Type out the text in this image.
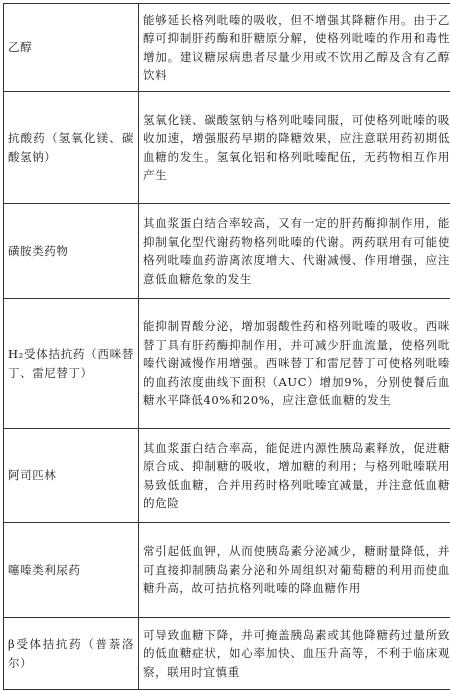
乙醇	能够延长格列吡嗪的吸收，但不增强其降糖作用。由于乙醇可抑制肝药酶和肝糖原分解，使格列吡嗪的作用和毒性增加。建议糖尿病患者尽量少用或不饮用乙醇及含有乙醇饮料
抗酸药（氢氧化镁、碳酸氢钠）	氢氧化镁、碳酸氢钠与格列吡嗪同服，可使格列吡嗪的吸收加速，增强服药早期的降糖效果，应注意联用药初期低血糖的发生。氢氧化铝和格列吡嗪配伍，无药物相互作用产生
磺胺类药物	其血浆蛋白结合率较高，又有一定的肝药酶抑制作用，能抑制氧化型代谢药物格列吡嗪的代谢。两药联用有可能使格列吡嗪血药游离浓度增大、代谢减慢、作用增强，应注意低血糖危象的发生
H₂受体拮抗药（西咪替丁、雷尼替丁）	能抑制胃酸分泌，增加弱酸性药和格列吡嗪的吸收。西咪替丁具有肝药酶抑制作用，并可减少肝血流量，使格列吡嗪代谢减慢作用增强。西咪替丁和雷尼替丁可使格列吡嗪的血药浓度曲线下面积（AUC）增加9%，分别使餐后血糖水平降低40%和20%，应注意低血糖的发生
阿司匹林	其血浆蛋白结合率高，能促进内源性胰岛素释放，促进糖原合成、抑制糖的吸收，增加糖的利用；与格列吡嗪联用易致低血糖，合并用药时格列吡嗪宜减量，并注意低血糖的危险
噻嗪类利尿药	常引起低血钾，从而使胰岛素分泌减少，糖耐量降低，并可直接抑制胰岛素分泌和外周组织对葡萄糖的利用而使血糖升高，故可拮抗格列吡嗪的降血糖作用
β受体拮抗药（普萘洛尔）	可导致血糖下降，并可掩盖胰岛素或其他降糖药过量所致的低血糖症状，如心率加快、血压升高等，不利于临床观察，联用时宜慎重
